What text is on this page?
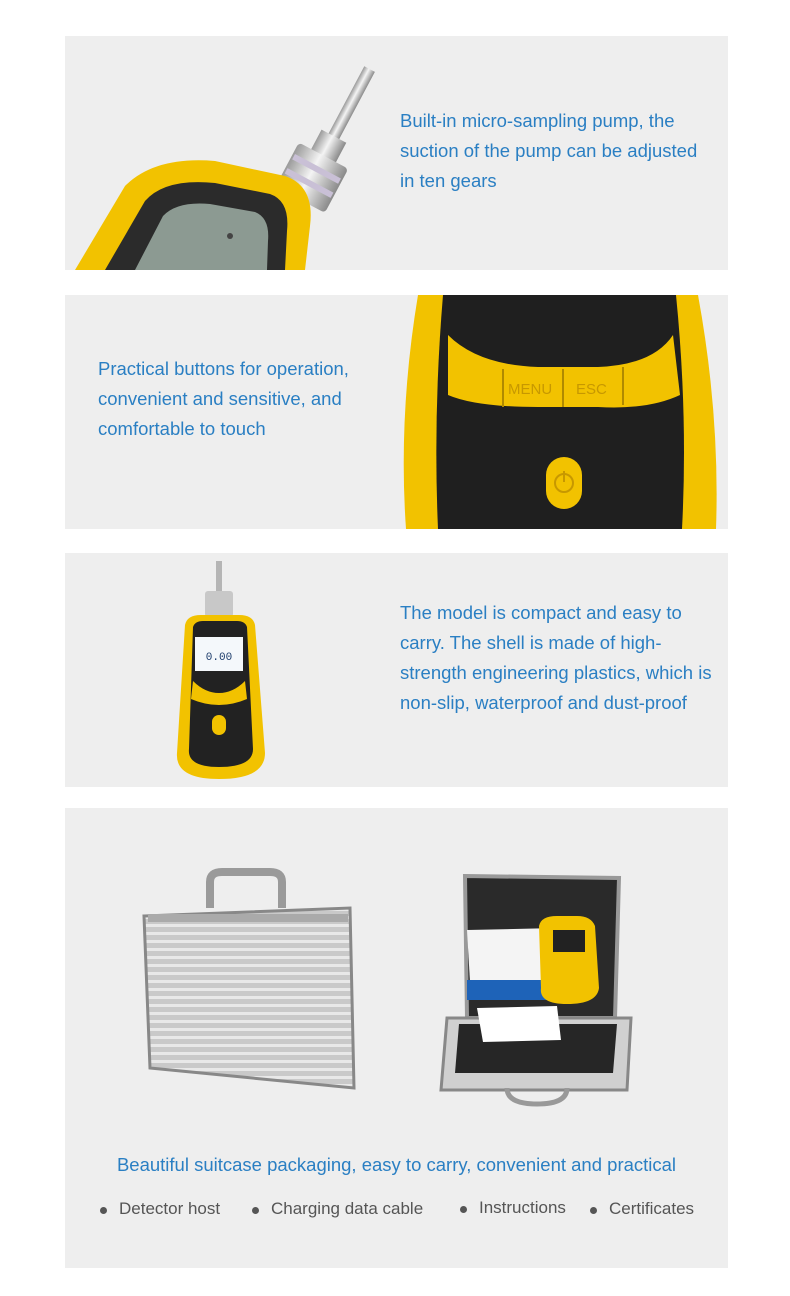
Built-in micro-sampling pump, the suction of the pump can be adjusted in ten gears

Practical buttons for operation, convenient and sensitive, and comfortable to touch

MENU ESC
0.00

The model is compact and easy to carry. The shell is made of high-strength engineering plastics, which is non-slip, waterproof and dust-proof

Beautiful suitcase packaging, easy to carry, convenient and practical

Detector host	Charging data cable	Instructions	Certificates
